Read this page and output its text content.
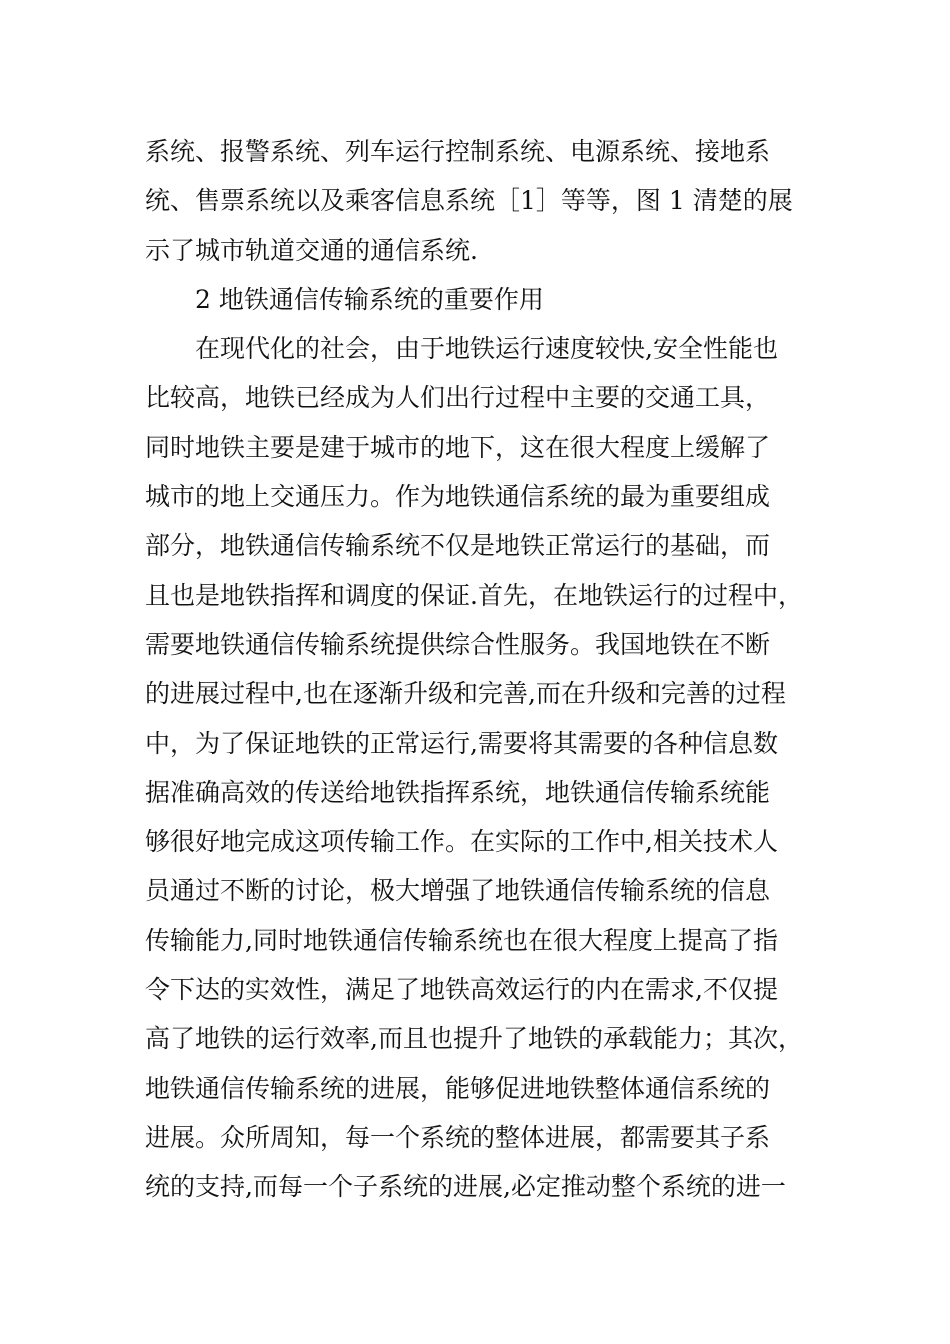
系统、报警系统、列车运行控制系统、电源系统、接地系
统、售票系统以及乘客信息系统［1］等等，图 1 清楚的展
示了城市轨道交通的通信系统.
2 地铁通信传输系统的重要作用
在现代化的社会，由于地铁运行速度较快,安全性能也
比较高，地铁已经成为人们出行过程中主要的交通工具，
同时地铁主要是建于城市的地下，这在很大程度上缓解了
城市的地上交通压力。作为地铁通信系统的最为重要组成
部分，地铁通信传输系统不仅是地铁正常运行的基础，而
且也是地铁指挥和调度的保证.首先，在地铁运行的过程中，
需要地铁通信传输系统提供综合性服务。我国地铁在不断
的进展过程中,也在逐渐升级和完善,而在升级和完善的过程
中，为了保证地铁的正常运行,需要将其需要的各种信息数
据准确高效的传送给地铁指挥系统，地铁通信传输系统能
够很好地完成这项传输工作。在实际的工作中,相关技术人
员通过不断的讨论，极大增强了地铁通信传输系统的信息
传输能力,同时地铁通信传输系统也在很大程度上提高了指
令下达的实效性，满足了地铁高效运行的内在需求,不仅提
高了地铁的运行效率,而且也提升了地铁的承载能力；其次，
地铁通信传输系统的进展，能够促进地铁整体通信系统的
进展。众所周知，每一个系统的整体进展，都需要其子系
统的支持,而每一个子系统的进展,必定推动整个系统的进一
